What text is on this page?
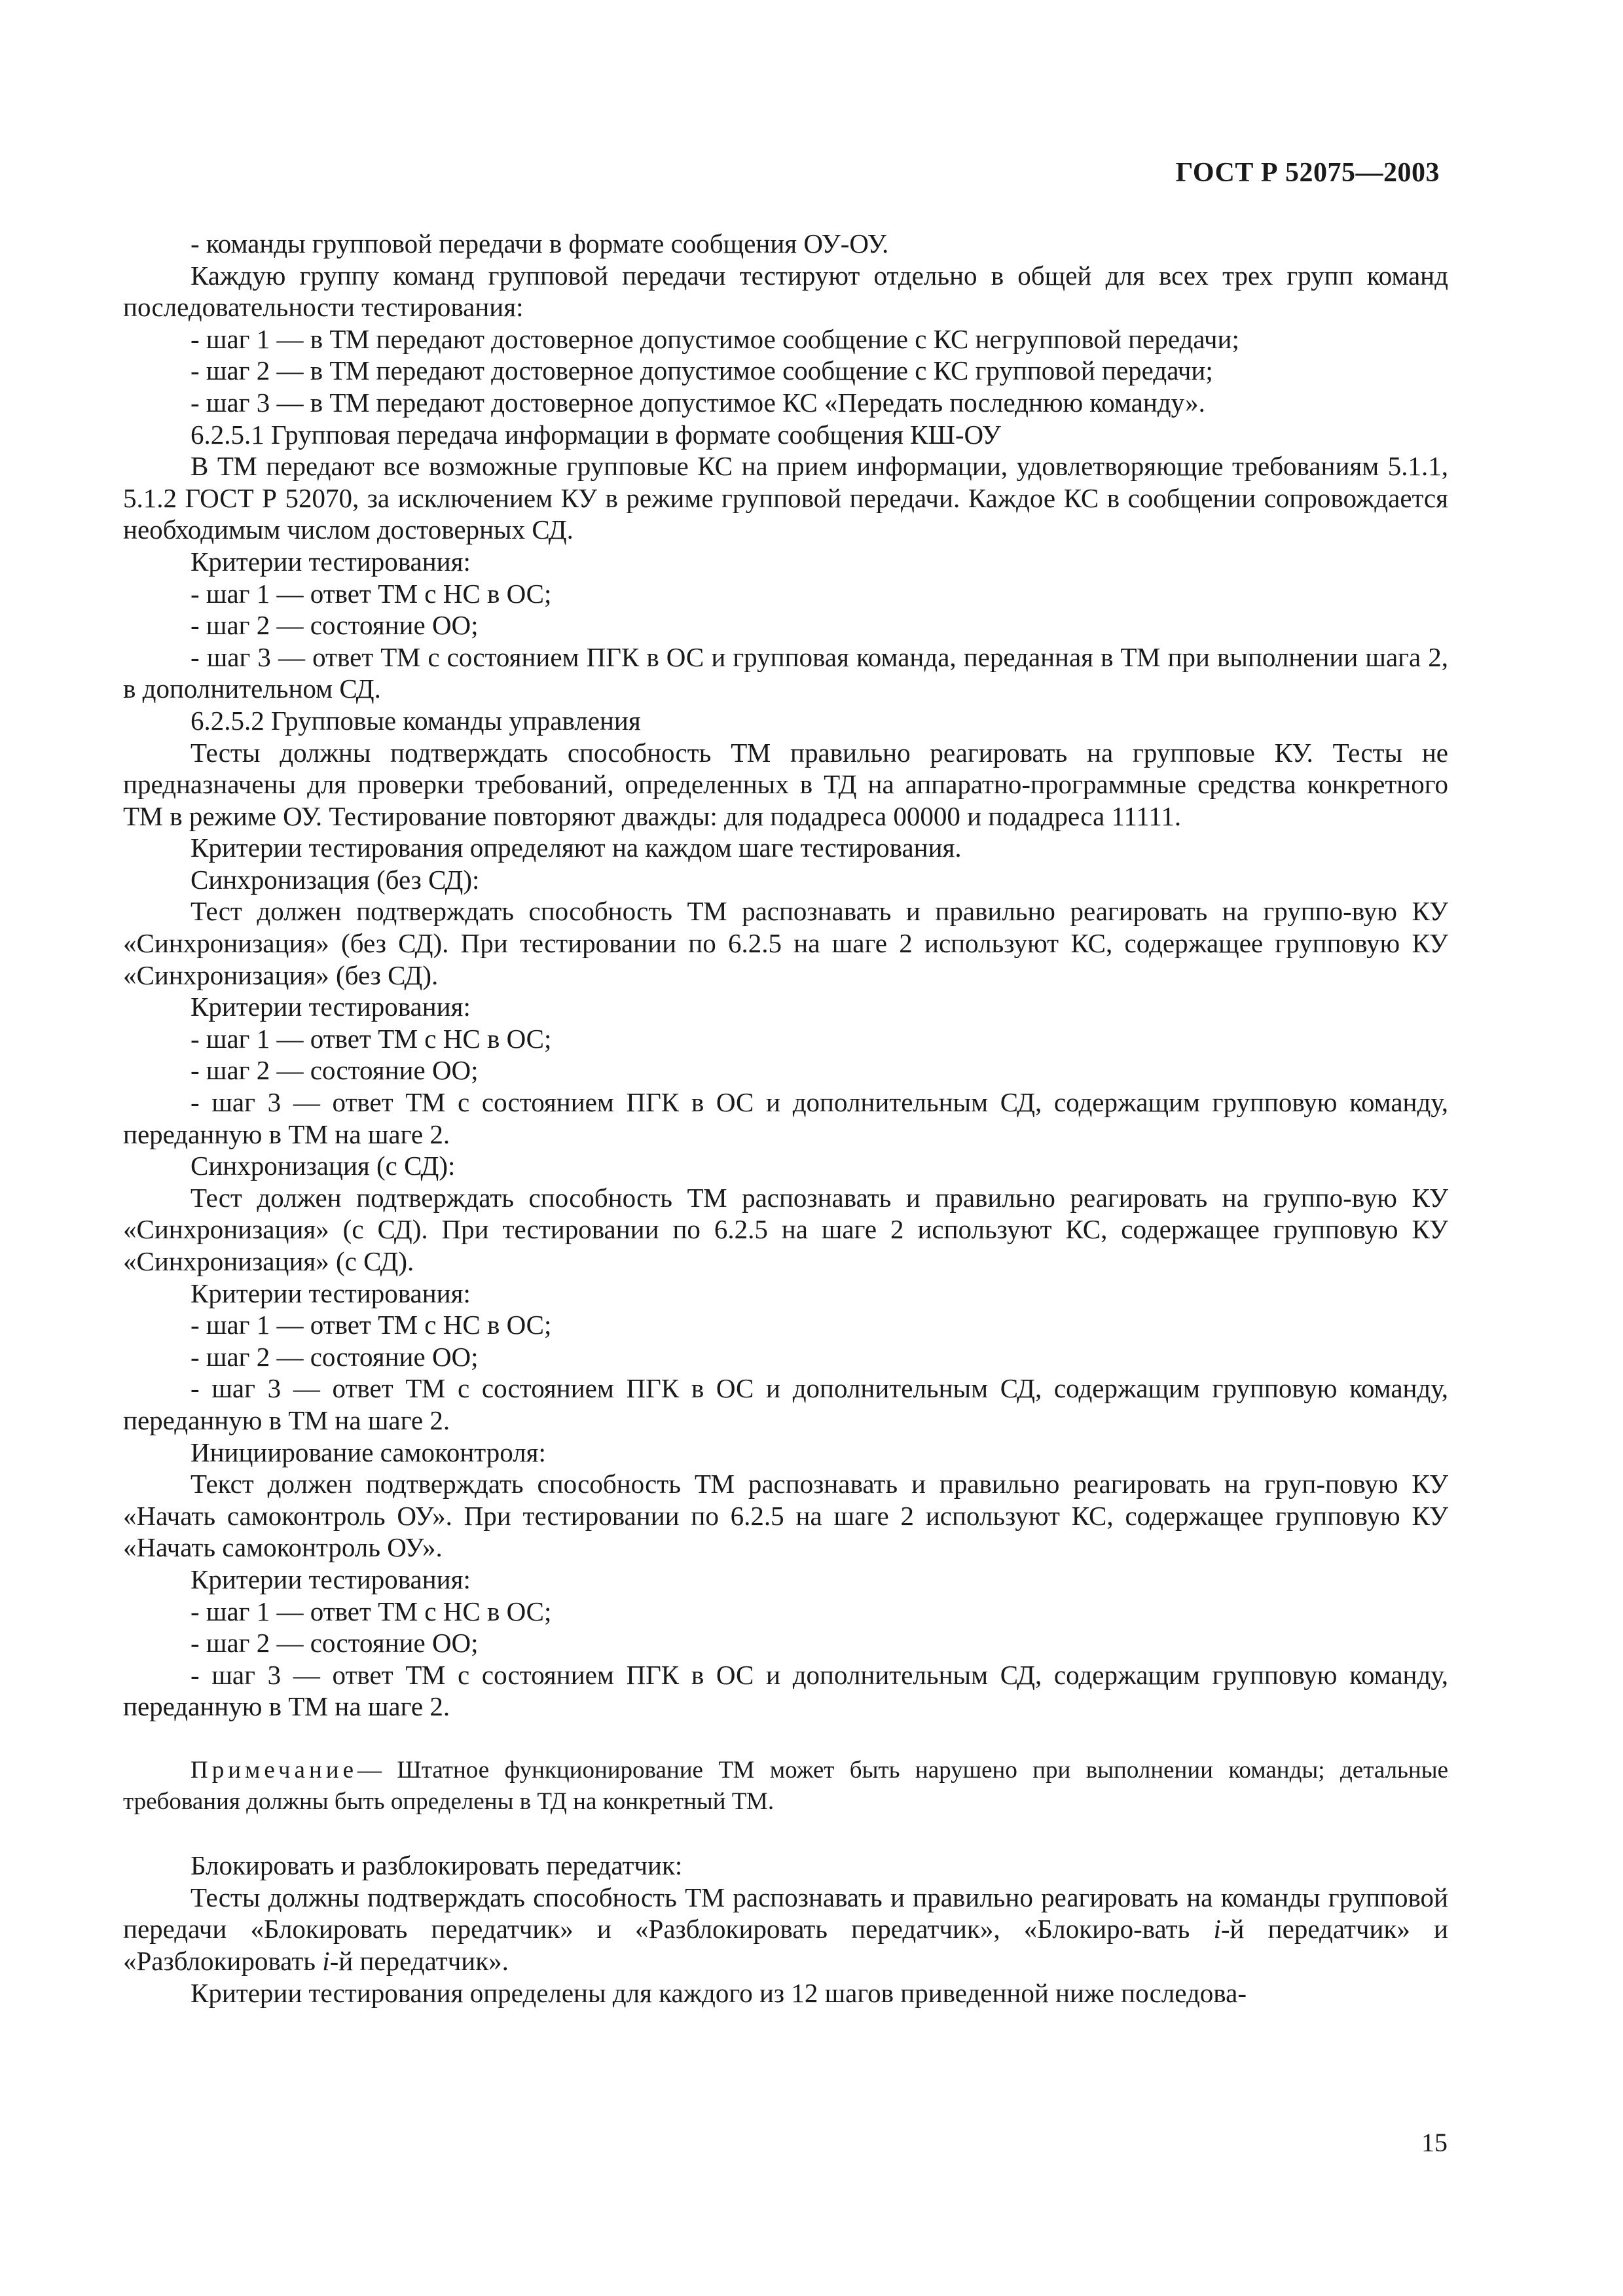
ГОСТ Р 52075—2003

- команды групповой передачи в формате сообщения ОУ-ОУ.

Каждую группу команд групповой передачи тестируют отдельно в общей для всех трех групп команд последовательности тестирования:

- шаг 1 — в ТМ передают достоверное допустимое сообщение с КС негрупповой передачи;

- шаг 2 — в ТМ передают достоверное допустимое сообщение с КС групповой передачи;

- шаг 3 — в ТМ передают достоверное допустимое КС «Передать последнюю команду».

6.2.5.1 Групповая передача информации в формате сообщения КШ-ОУ

В ТМ передают все возможные групповые КС на прием информации, удовлетворяющие требованиям 5.1.1, 5.1.2 ГОСТ Р 52070, за исключением КУ в режиме групповой передачи. Каждое КС в сообщении сопровождается необходимым числом достоверных СД.

Критерии тестирования:

- шаг 1 — ответ ТМ с НС в ОС;

- шаг 2 — состояние ОО;

- шаг 3 — ответ ТМ с состоянием ПГК в ОС и групповая команда, переданная в ТМ при выполнении шага 2, в дополнительном СД.

6.2.5.2 Групповые команды управления

Тесты должны подтверждать способность ТМ правильно реагировать на групповые КУ. Тесты не предназначены для проверки требований, определенных в ТД на аппаратно-программные средства конкретного ТМ в режиме ОУ. Тестирование повторяют дважды: для подадреса 00000 и подадреса 11111.

Критерии тестирования определяют на каждом шаге тестирования.

Синхронизация (без СД):

Тест должен подтверждать способность ТМ распознавать и правильно реагировать на группо-вую КУ «Синхронизация» (без СД). При тестировании по 6.2.5 на шаге 2 используют КС, содержащее групповую КУ «Синхронизация» (без СД).

Критерии тестирования:

- шаг 1 — ответ ТМ с НС в ОС;

- шаг 2 — состояние ОО;

- шаг 3 — ответ ТМ с состоянием ПГК в ОС и дополнительным СД, содержащим групповую команду, переданную в ТМ на шаге 2.

Синхронизация (с СД):

Тест должен подтверждать способность ТМ распознавать и правильно реагировать на группо-вую КУ «Синхронизация» (с СД). При тестировании по 6.2.5 на шаге 2 используют КС, содержащее групповую КУ «Синхронизация» (с СД).

Критерии тестирования:

- шаг 1 — ответ ТМ с НС в ОС;

- шаг 2 — состояние ОО;

- шаг 3 — ответ ТМ с состоянием ПГК в ОС и дополнительным СД, содержащим групповую команду, переданную в ТМ на шаге 2.

Инициирование самоконтроля:

Текст должен подтверждать способность ТМ распознавать и правильно реагировать на груп-повую КУ «Начать самоконтроль ОУ». При тестировании по 6.2.5 на шаге 2 используют КС, содержащее групповую КУ «Начать самоконтроль ОУ».

Критерии тестирования:

- шаг 1 — ответ ТМ с НС в ОС;

- шаг 2 — состояние ОО;

- шаг 3 — ответ ТМ с состоянием ПГК в ОС и дополнительным СД, содержащим групповую команду, переданную в ТМ на шаге 2.

Примечание— Штатное функционирование ТМ может быть нарушено при выполнении команды; детальные требования должны быть определены в ТД на конкретный ТМ.

Блокировать и разблокировать передатчик:

Тесты должны подтверждать способность ТМ распознавать и правильно реагировать на команды групповой передачи «Блокировать передатчик» и «Разблокировать передатчик», «Блокиро-вать i-й передатчик» и «Разблокировать i-й передатчик».

Критерии тестирования определены для каждого из 12 шагов приведенной ниже последова-

15
